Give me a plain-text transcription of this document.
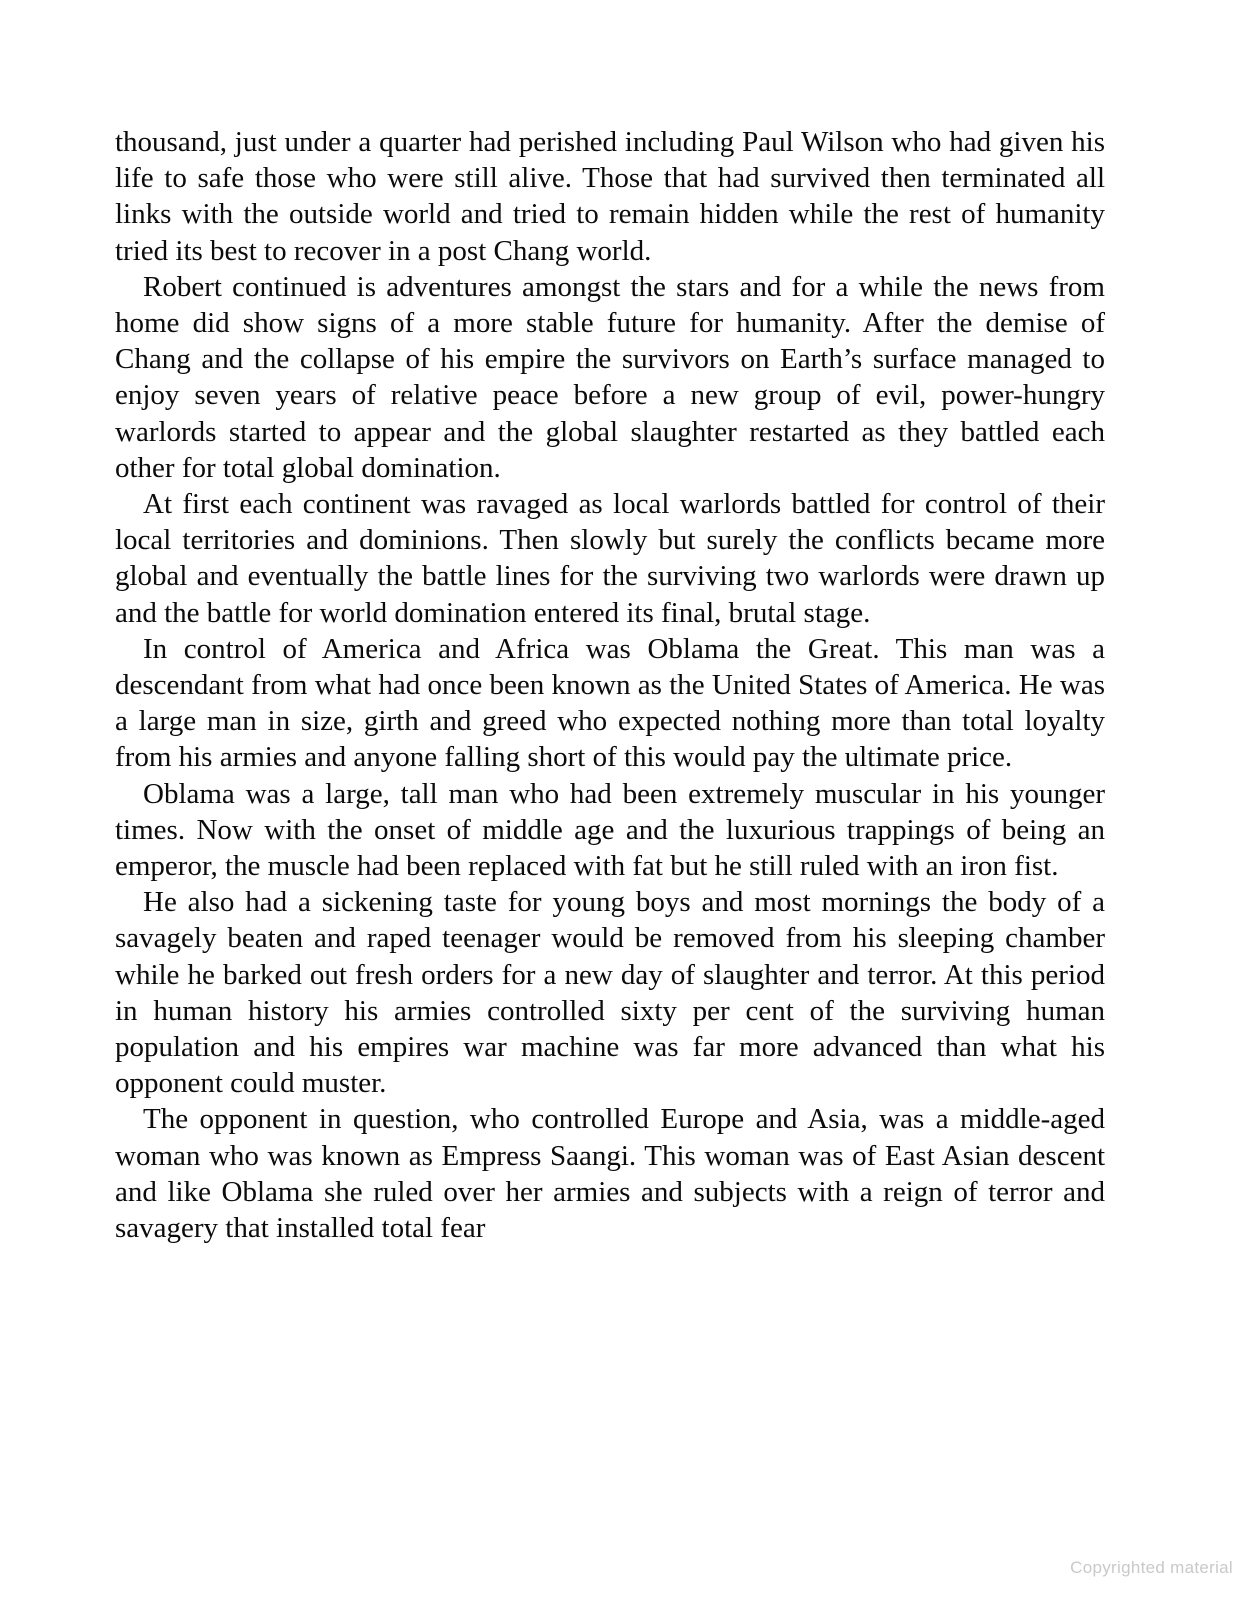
thousand, just under a quarter had perished including Paul Wilson who had given his life to safe those who were still alive. Those that had survived then terminated all links with the outside world and tried to remain hidden while the rest of humanity tried its best to recover in a post Chang world.

Robert continued is adventures amongst the stars and for a while the news from home did show signs of a more stable future for humanity. After the demise of Chang and the collapse of his empire the survivors on Earth’s surface managed to enjoy seven years of relative peace before a new group of evil, power-hungry warlords started to appear and the global slaughter restarted as they battled each other for total global domination.

At first each continent was ravaged as local warlords battled for control of their local territories and dominions. Then slowly but surely the conflicts became more global and eventually the battle lines for the surviving two warlords were drawn up and the battle for world domination entered its final, brutal stage.

In control of America and Africa was Oblama the Great. This man was a descendant from what had once been known as the United States of America. He was a large man in size, girth and greed who expected nothing more than total loyalty from his armies and anyone falling short of this would pay the ultimate price.

Oblama was a large, tall man who had been extremely muscular in his younger times. Now with the onset of middle age and the luxurious trappings of being an emperor, the muscle had been replaced with fat but he still ruled with an iron fist.

He also had a sickening taste for young boys and most mornings the body of a savagely beaten and raped teenager would be removed from his sleeping chamber while he barked out fresh orders for a new day of slaughter and terror. At this period in human history his armies controlled sixty per cent of the surviving human population and his empires war machine was far more advanced than what his opponent could muster.

The opponent in question, who controlled Europe and Asia, was a middle-aged woman who was known as Empress Saangi. This woman was of East Asian descent and like Oblama she ruled over her armies and subjects with a reign of terror and savagery that installed total fear

Copyrighted material
